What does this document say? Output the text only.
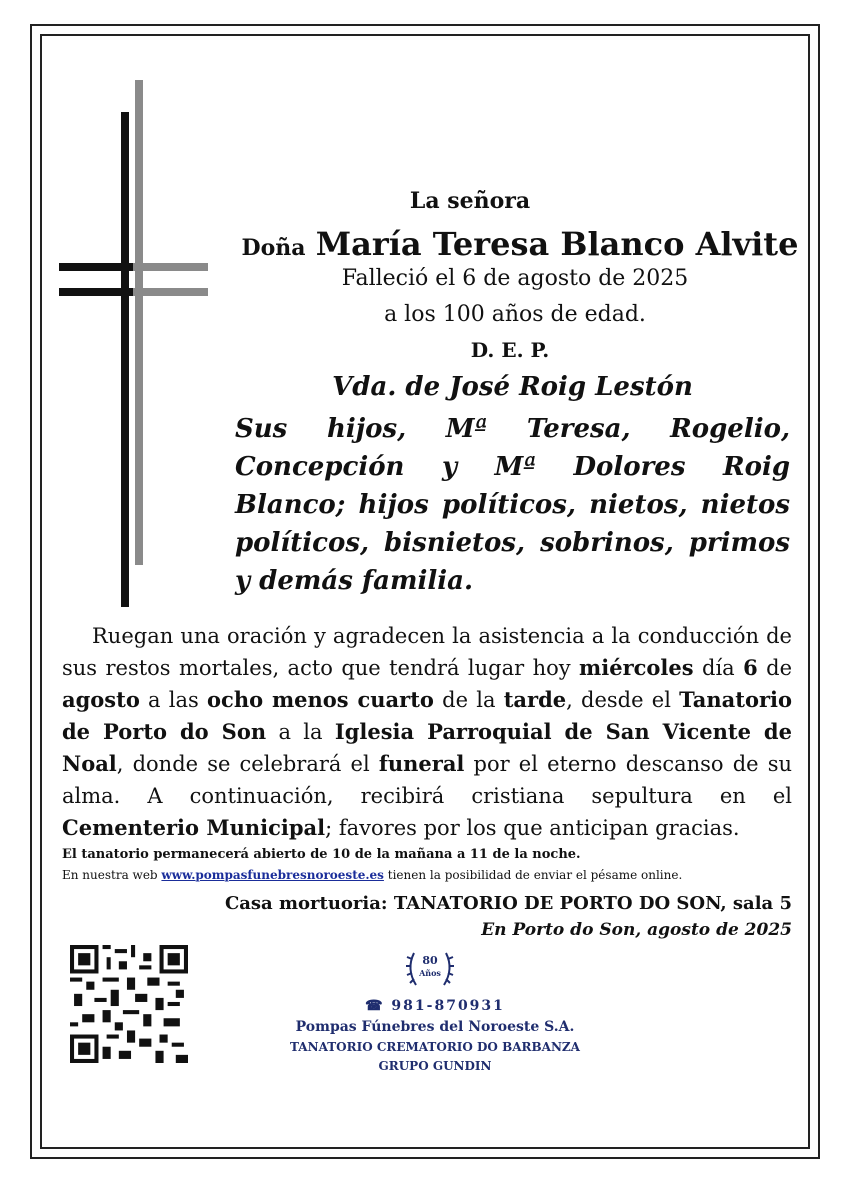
La señora
Doña María Teresa Blanco Alvite
Falleció el 6 de agosto de 2025
a los 100 años de edad.
D. E. P.
Vda. de José Roig Lestón
Sus hijos, Mª Teresa, Rogelio, Concepción y Mª Dolores Roig Blanco; hijos políticos, nietos, nietos políticos, bisnietos, sobrinos, primos y demás familia.
Ruegan una oración y agradecen la asistencia a la conducción de sus restos mortales, acto que tendrá lugar hoy miércoles día 6 de agosto a las ocho menos cuarto de la tarde, desde el Tanatorio de Porto do Son a la Iglesia Parroquial de San Vicente de Noal, donde se celebrará el funeral por el eterno descanso de su alma. A continuación, recibirá cristiana sepultura en el Cementerio Municipal; favores por los que anticipan gracias.
El tanatorio permanecerá abierto de 10 de la mañana a 11 de la noche.
En nuestra web www.pompasfunebresnoroeste.es tienen la posibilidad de enviar el pésame online.
Casa mortuoria: TANATORIO DE PORTO DO SON, sala 5
En Porto do Son, agosto de 2025
80
Años
☎ 981-870931
Pompas Fúnebres del Noroeste S.A.
TANATORIO CREMATORIO DO BARBANZA
GRUPO GUNDIN
